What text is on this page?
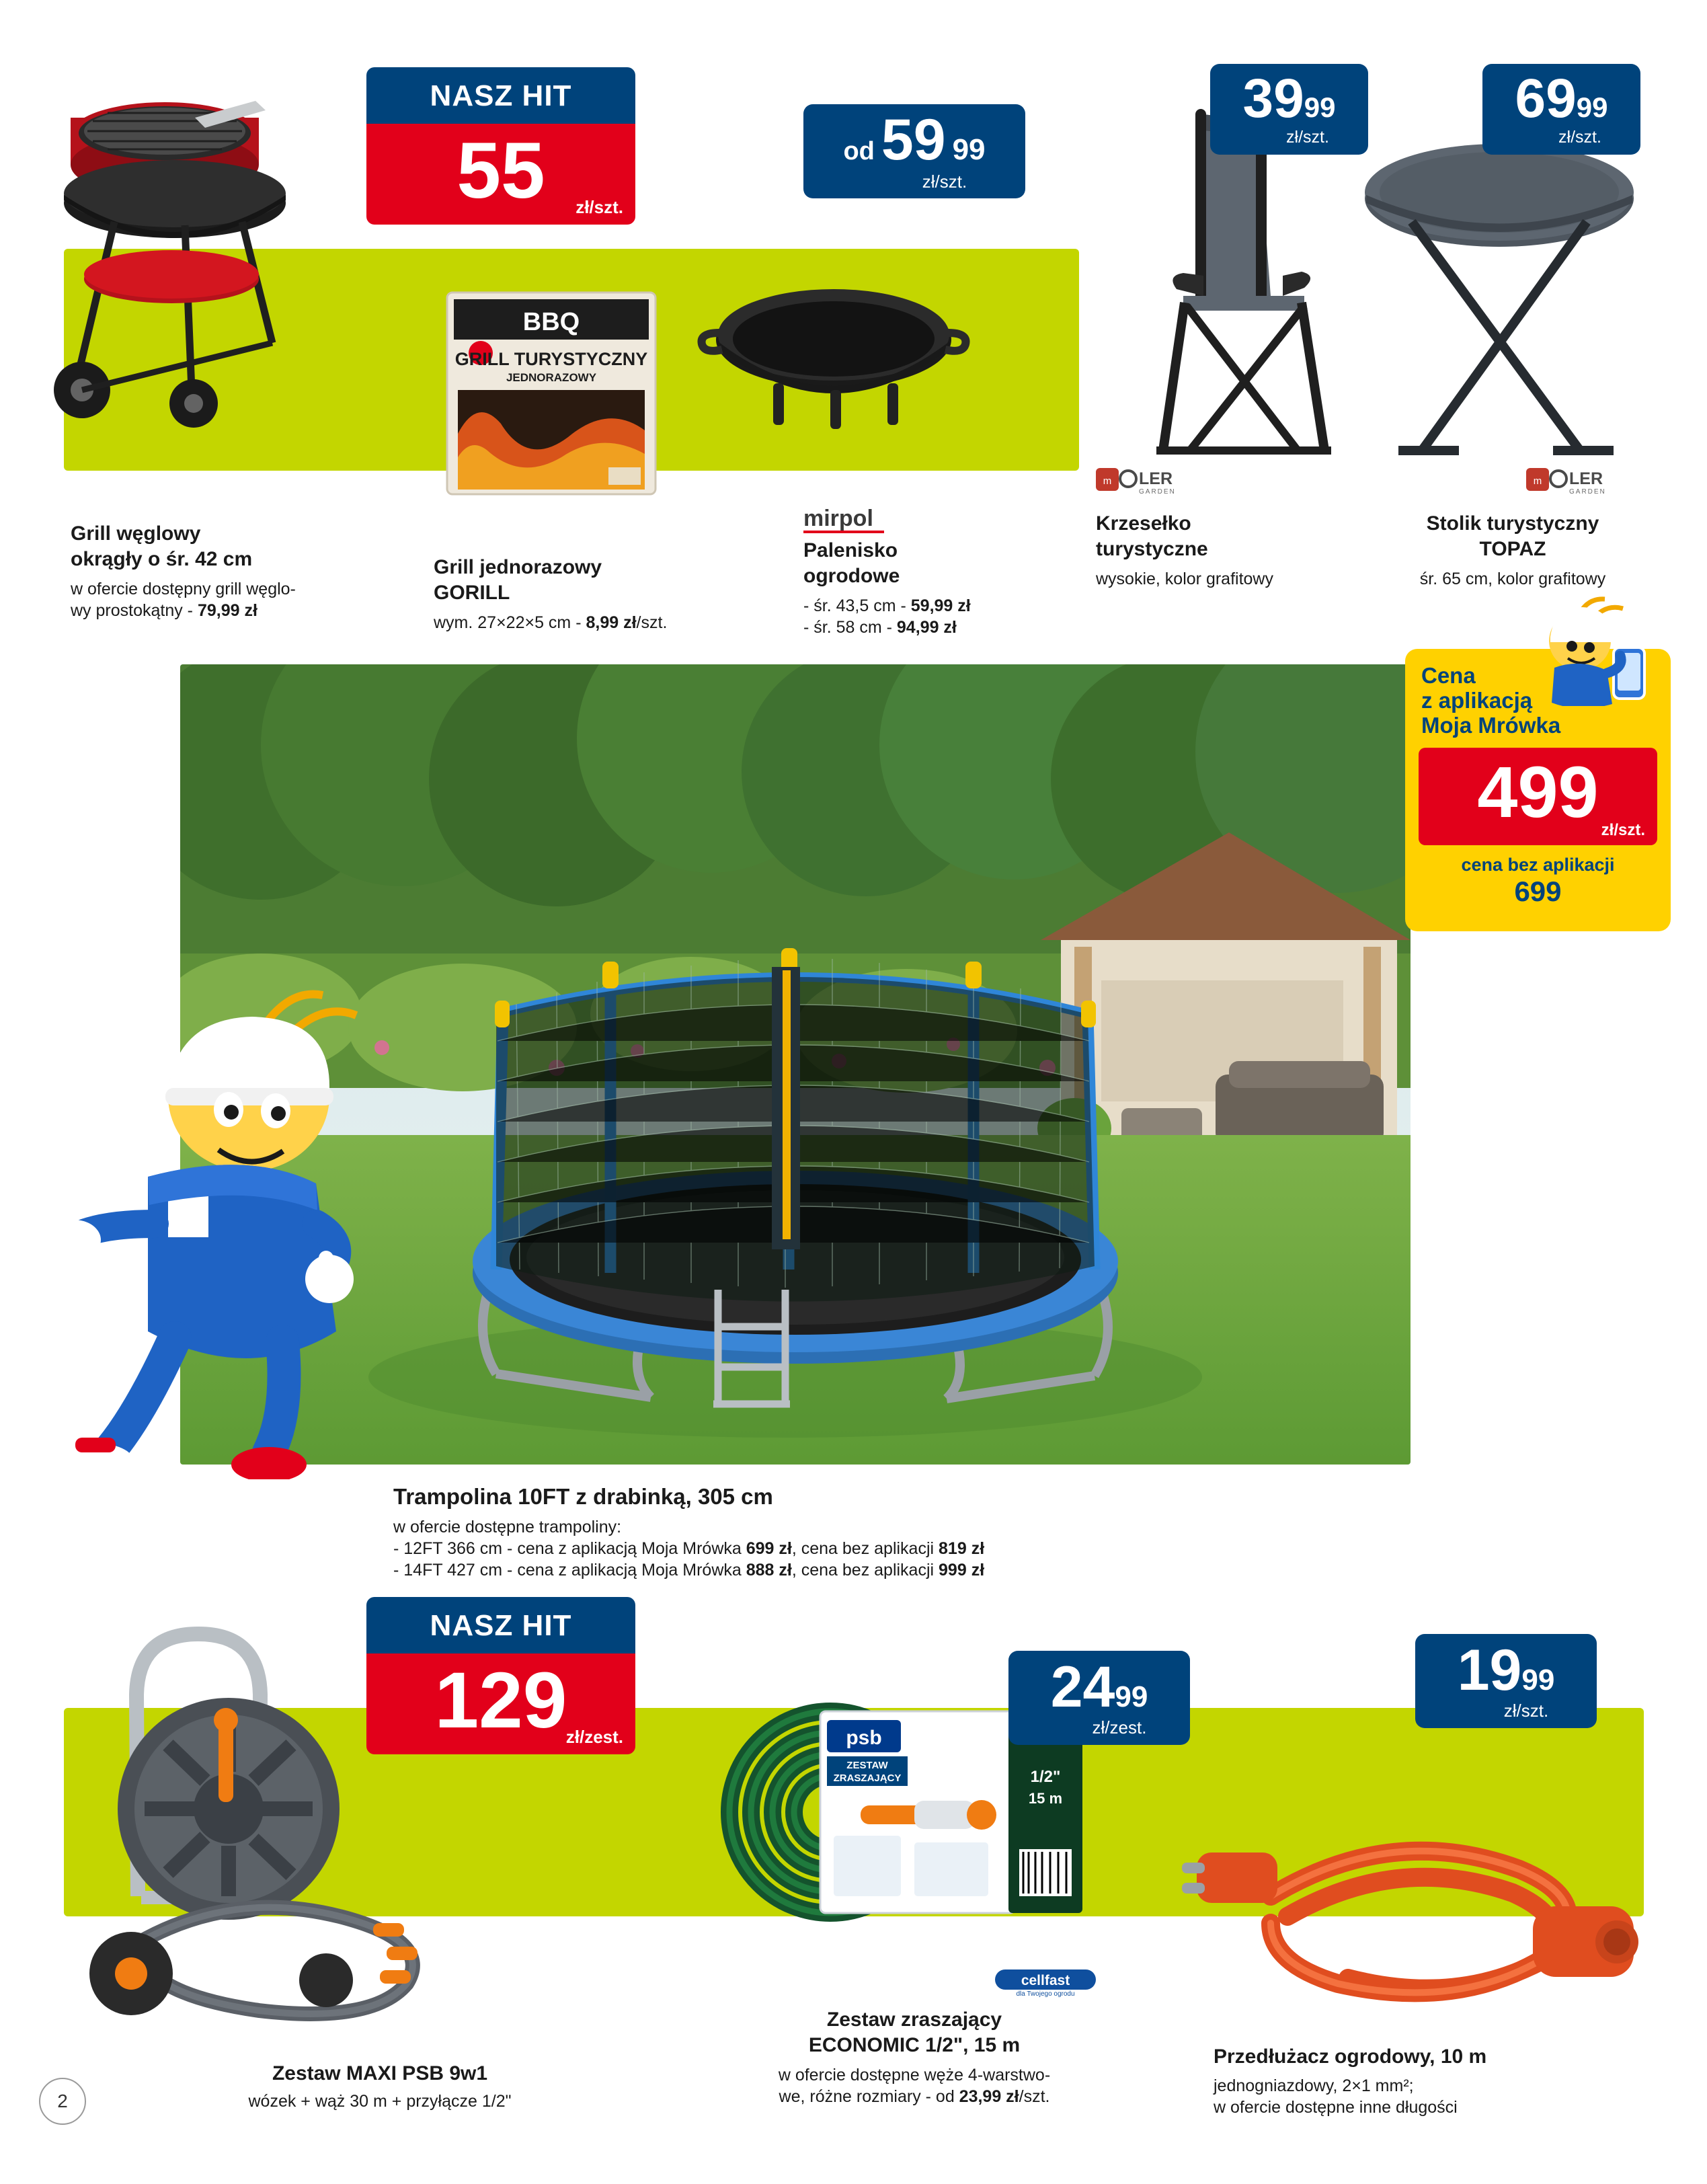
NASZ HIT
55	zł/szt.
BBQ
GRILL TURYSTYCZNY
JEDNORAZOWY
od 59 99
zł/szt.
39 99
zł/szt.
m LER
GARDEN
69 99
zł/szt.
m LER
GARDEN
Grill węglowy
okrągły o śr. 42 cm
w ofercie dostępny grill węglo-
wy prostokątny - 79,99 zł
Grill jednorazowy
GORILL
wym. 27×22×5 cm - 8,99 zł/szt.
mirpol
Palenisko
ogrodowe
- śr. 43,5 cm - 59,99 zł
- śr. 58 cm - 94,99 zł
Krzesełko
turystyczne
wysokie, kolor grafitowy
Stolik turystyczny
TOPAZ
śr. 65 cm, kolor grafitowy
Cena
z aplikacją
Moja Mrówka
499 zł/szt.
cena bez aplikacji
699
Trampolina 10FT z drabinką, 305 cm
w ofercie dostępne trampoliny:
- 12FT 366 cm - cena z aplikacją Moja Mrówka 699 zł, cena bez aplikacji 819 zł
- 14FT 427 cm - cena z aplikacją Moja Mrówka 888 zł, cena bez aplikacji 999 zł
NASZ HIT
129
zł/zest.	psb
ZESTAW
ZRASZAJĄCY	1/2"
15 m
24 99
zł/zest.
cellfast
dla Twojego ogrodu
19 99
zł/szt.
Zestaw MAXI PSB 9w1
wózek + wąż 30 m + przyłącze 1/2"
Zestaw zraszający
ECONOMIC 1/2", 15 m
w ofercie dostępne węże 4-warstwo-
we, różne rozmiary - od 23,99 zł/szt.
Przedłużacz ogrodowy, 10 m
jednogniazdowy, 2×1 mm²;
w ofercie dostępne inne długości
2
